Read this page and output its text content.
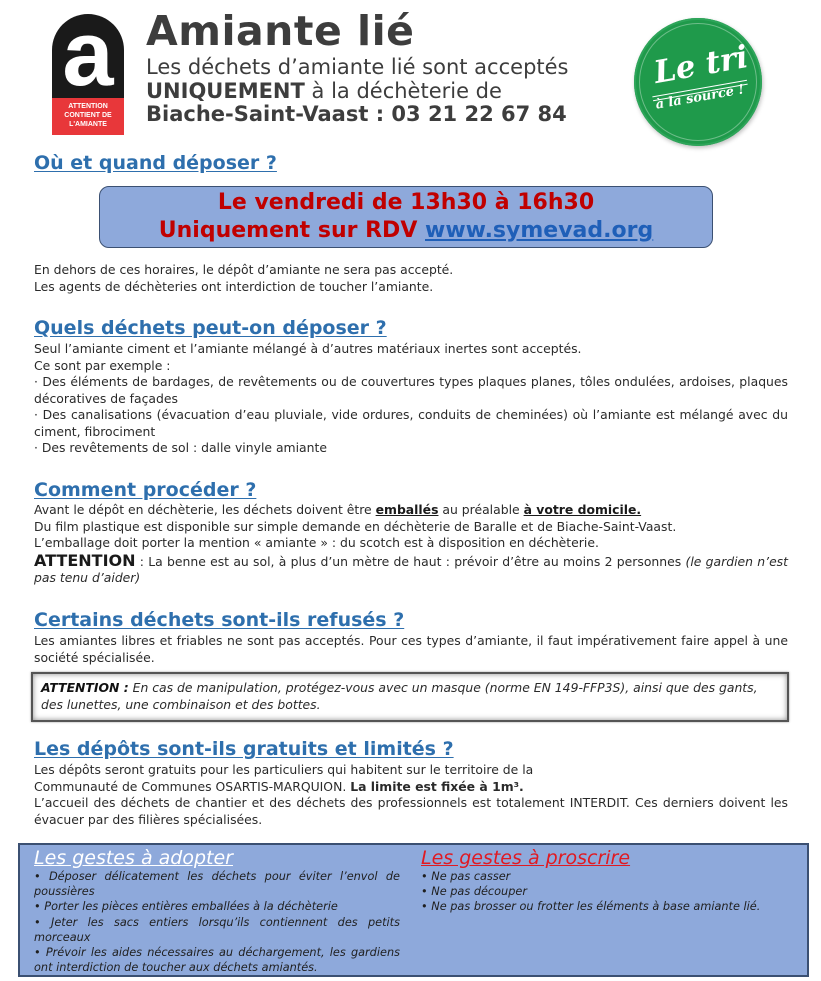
a
ATTENTION
CONTIENT DE
L'AMIANTE
Amiante lié
Les déchets d’amiante lié sont acceptés
UNIQUEMENT à la déchèterie de
Biache-Saint-Vaast : 03 21 22 67 84
Le tri
à la source !
Où et quand déposer ?
Le vendredi de 13h30 à 16h30
Uniquement sur RDV www.symevad.org
En dehors de ces horaires, le dépôt d’amiante ne sera pas accepté.
Les agents de déchèteries ont interdiction de toucher l’amiante.
Quels déchets peut-on déposer ?
Seul l’amiante ciment et l’amiante mélangé à d’autres matériaux inertes sont acceptés.
Ce sont par exemple :
· Des éléments de bardages, de revêtements ou de couvertures types plaques planes, tôles ondulées, ardoises, plaques décoratives de façades
· Des canalisations (évacuation d’eau pluviale, vide ordures, conduits de cheminées) où l’amiante est mélangé avec du ciment, fibrociment
· Des revêtements de sol : dalle vinyle amiante
Comment procéder ?
Avant le dépôt en déchèterie, les déchets doivent être emballés au préalable à votre domicile.
Du film plastique est disponible sur simple demande en déchèterie de Baralle et de Biache-Saint-Vaast.
L’emballage doit porter la mention « amiante » : du scotch est à disposition en déchèterie.
ATTENTION : La benne est au sol, à plus d’un mètre de haut : prévoir d’être au moins 2 personnes (le gardien n’est pas tenu d’aider)
Certains déchets sont-ils refusés ?
Les amiantes libres et friables ne sont pas acceptés. Pour ces types d’amiante, il faut impérativement faire appel à une société spécialisée.
ATTENTION : En cas de manipulation, protégez-vous avec un masque (norme EN 149-FFP3S), ainsi que des gants, des lunettes, une combinaison et des bottes.
Les dépôts sont-ils gratuits et limités ?
Les dépôts seront gratuits pour les particuliers qui habitent sur le territoire de la
Communauté de Communes OSARTIS-MARQUION. La limite est fixée à 1m³.
L’accueil des déchets de chantier et des déchets des professionnels est totalement INTERDIT. Ces derniers doivent les évacuer par des filières spécialisées.
Les gestes à adopter
• Déposer délicatement les déchets pour éviter l’envol de poussières
• Porter les pièces entières emballées à la déchèterie
• Jeter les sacs entiers lorsqu’ils contiennent des petits morceaux
• Prévoir les aides nécessaires au déchargement, les gardiens ont interdiction de toucher aux déchets amiantés.
Les gestes à proscrire
• Ne pas casser
• Ne pas découper
• Ne pas brosser ou frotter les éléments à base amiante lié.
